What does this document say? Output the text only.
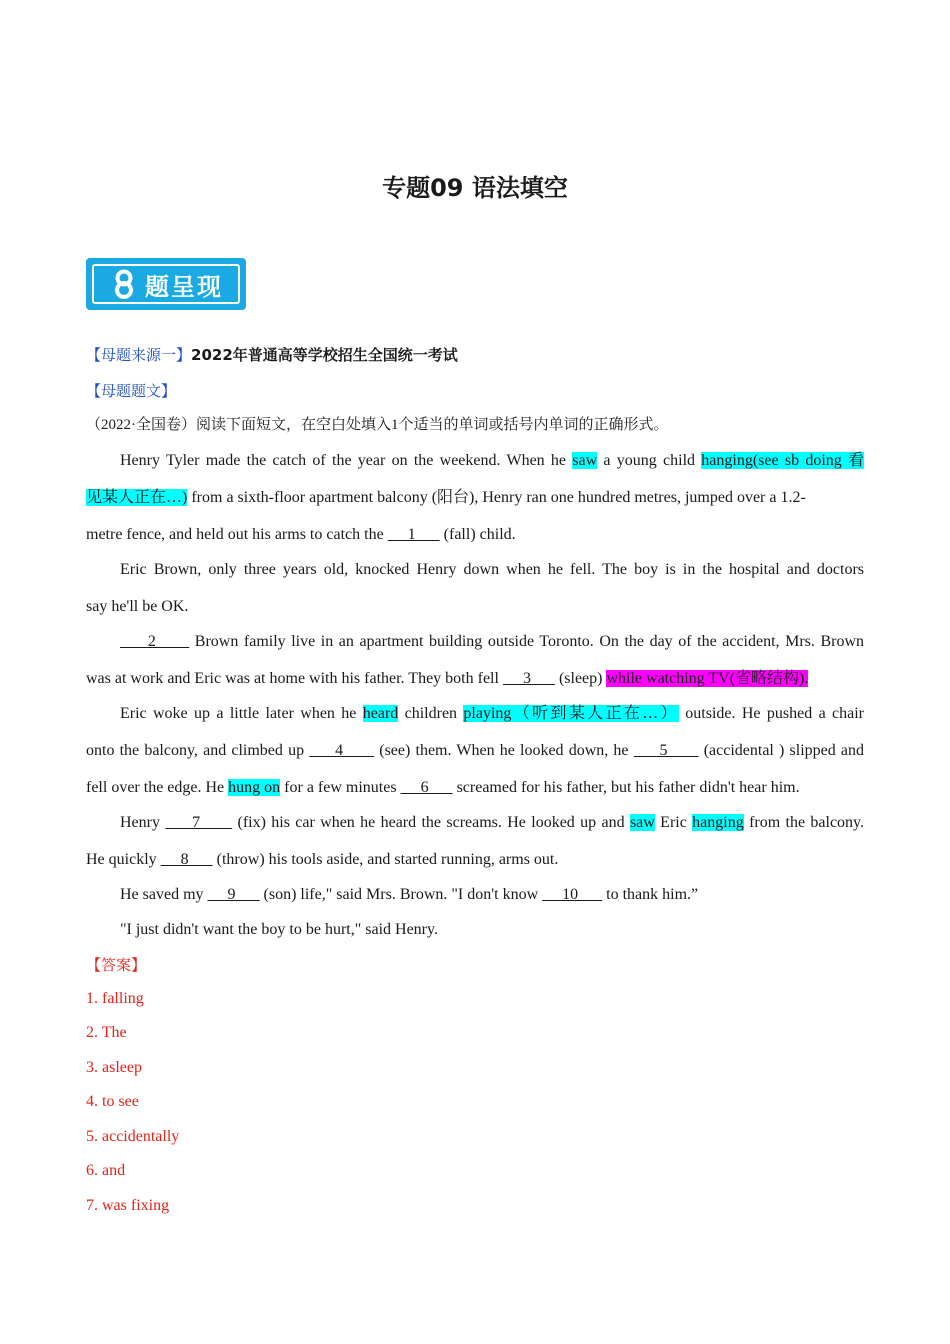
专题09 语法填空
题呈现
【母题来源一】2022年普通高等学校招生全国统一考试
【母题题文】
（2022·全国卷）阅读下面短文，在空白处填入1个适当的单词或括号内单词的正确形式。
Henry Tyler made the catch of the year on the weekend. When he saw a young child hanging(see sb doing 看
见某人正在…) from a sixth-floor apartment balcony (阳台), Henry ran one hundred metres, jumped over a 1.2-
metre fence, and held out his arms to catch the      1       (fall) child.
Eric Brown, only three years old, knocked Henry down when he fell. The boy is in the hospital and doctors
say he'll be OK.
2       Brown family live in an apartment building outside Toronto. On the day of the accident, Mrs. Brown
was at work and Eric was at home with his father. They both fell      3       (sleep) while watching TV(省略结构).
Eric woke up a little later when he heard children playing（听到某人正在…） outside. He pushed a chair
onto the balcony, and climbed up      4       (see) them. When he looked down, he      5       (accidental ) slipped and
fell over the edge. He hung on for a few minutes      6       screamed for his father, but his father didn't hear him.
Henry      7       (fix) his car when he heard the screams. He looked up and saw Eric hanging from the balcony.
He quickly      8       (throw) his tools aside, and started running, arms out.
He saved my      9       (son) life," said Mrs. Brown. "I don't know      10       to thank him.”
"I just didn't want the boy to be hurt," said Henry.
【答案】
1. falling
2. The
3. asleep
4. to see
5. accidentally
6. and
7. was fixing
